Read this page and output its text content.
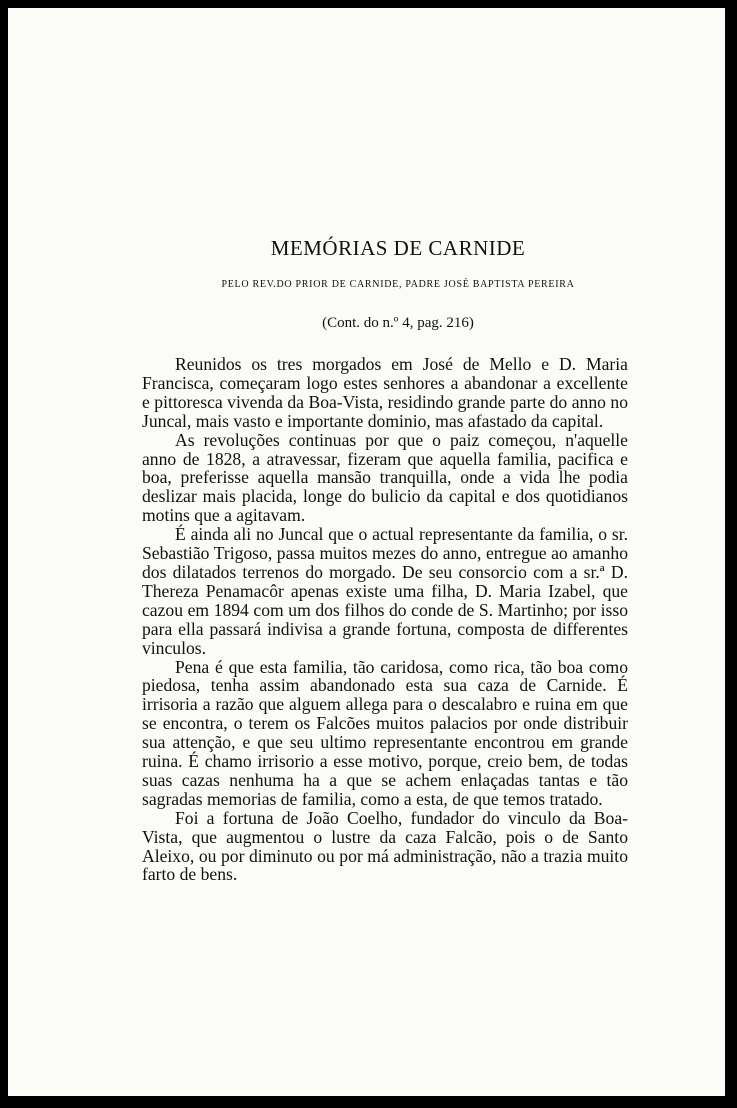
MEMÓRIAS DE CARNIDE
PELO REV.DO PRIOR DE CARNIDE, PADRE JOSÉ BAPTISTA PEREIRA
(Cont. do n.º 4, pag. 216)

Reunidos os tres morgados em José de Mello e D. Maria Francisca, começaram logo estes senhores a abandonar a excellente e pittoresca vivenda da Boa-Vista, residindo grande parte do anno no Juncal, mais vasto e importante dominio, mas afastado da capital.

As revoluções continuas por que o paiz começou, n'aquelle anno de 1828, a atravessar, fizeram que aquella familia, pacifica e boa, preferisse aquella mansão tranquilla, onde a vida lhe podia deslizar mais placida, longe do bulicio da capital e dos quotidianos motins que a agitavam.

É ainda ali no Juncal que o actual representante da familia, o sr. Sebastião Trigoso, passa muitos mezes do anno, entregue ao amanho dos dilatados terrenos do morgado. De seu consorcio com a sr.ª D. Thereza Penamacôr apenas existe uma filha, D. Maria Izabel, que cazou em 1894 com um dos filhos do conde de S. Martinho; por isso para ella passará indivisa a grande fortuna, composta de differentes vinculos.

Pena é que esta familia, tão caridosa, como rica, tão boa como piedosa, tenha assim abandonado esta sua caza de Carnide. É irrisoria a razão que alguem allega para o descalabro e ruina em que se encontra, o terem os Falcões muitos palacios por onde distribuir sua attenção, e que seu ultimo representante encontrou em grande ruina. É chamo irrisorio a esse motivo, porque, creio bem, de todas suas cazas nenhuma ha a que se achem enlaçadas tantas e tão sagradas memorias de familia, como a esta, de que temos tratado.

Foi a fortuna de João Coelho, fundador do vinculo da Boa-Vista, que augmentou o lustre da caza Falcão, pois o de Santo Aleixo, ou por diminuto ou por má administração, não a trazia muito farto de bens.
